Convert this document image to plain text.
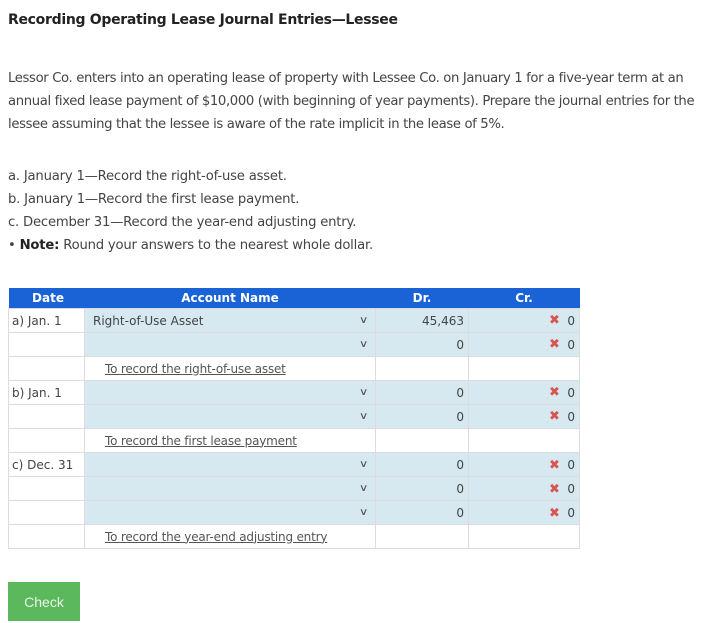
Recording Operating Lease Journal Entries—Lessee
Lessor Co. enters into an operating lease of property with Lessee Co. on January 1 for a five-year term at an annual fixed lease payment of $10,000 (with beginning of year payments). Prepare the journal entries for the lessee assuming that the lessee is aware of the rate implicit in the lease of 5%.
a. January 1—Record the right-of-use asset.
b. January 1—Record the first lease payment.
c. December 31—Record the year-end adjusting entry.
• Note: Round your answers to the nearest whole dollar.
Date	Account Name	Dr.	Cr.
a) Jan. 1	Right-of-Use Asset ∨	45,463	0

	∨	0	0
	To record the right-of-use asset		
b) Jan. 1	∨	0	0

	∨	0	0
	To record the first lease payment		
c) Dec. 31	∨	0	0

	∨	0	0

	∨	0	0
	To record the year-end adjusting entry		
✖
✖
✖
✖
✖
✖
✖
Check
